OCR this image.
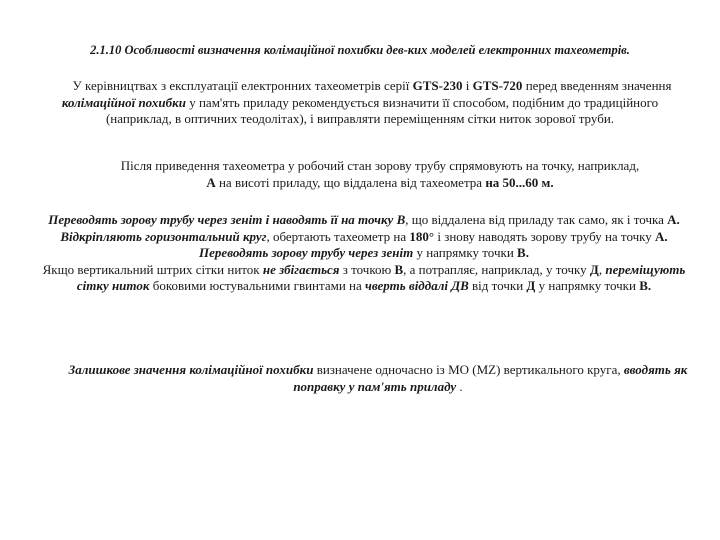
2.1.10 Особливості визначення колімаційної похибки дев-ких моделей електронних тахеометрів.
У керівництвах з експлуатації електронних тахеометрів серії GTS-230 і GTS-720 перед введенням значення колімаційної похибки у пам'ять приладу рекомендується визначити її способом, подібним до традиційного (наприклад, в оптичних теодолітах), і виправляти переміщенням сітки ниток зорової труби.
Після приведення тахеометра у робочий стан зорову трубу спрямовують на точку, наприклад, А на висоті приладу, що віддалена від тахеометра на 50...60 м.
Переводять зорову трубу через зеніт і наводять її на точку В, що віддалена від приладу так само, як і точка А.
Відкріпляють горизонтальний круг, обертають тахеометр на 180° і знову наводять зорову трубу на точку А.
Переводять зорову трубу через зеніт у напрямку точки В.
Якщо вертикальний штрих сітки ниток не збігається з точкою В, а потрапляє, наприклад, у точку Д, переміщують сітку ниток боковими юстувальними гвинтами на чверть віддалі ДВ від точки Д у напрямку точки В.
Залишкове значення колімаційної похибки визначене одночасно із МО (MZ) вертикального круга, вводять як поправку у пам'ять приладу .
